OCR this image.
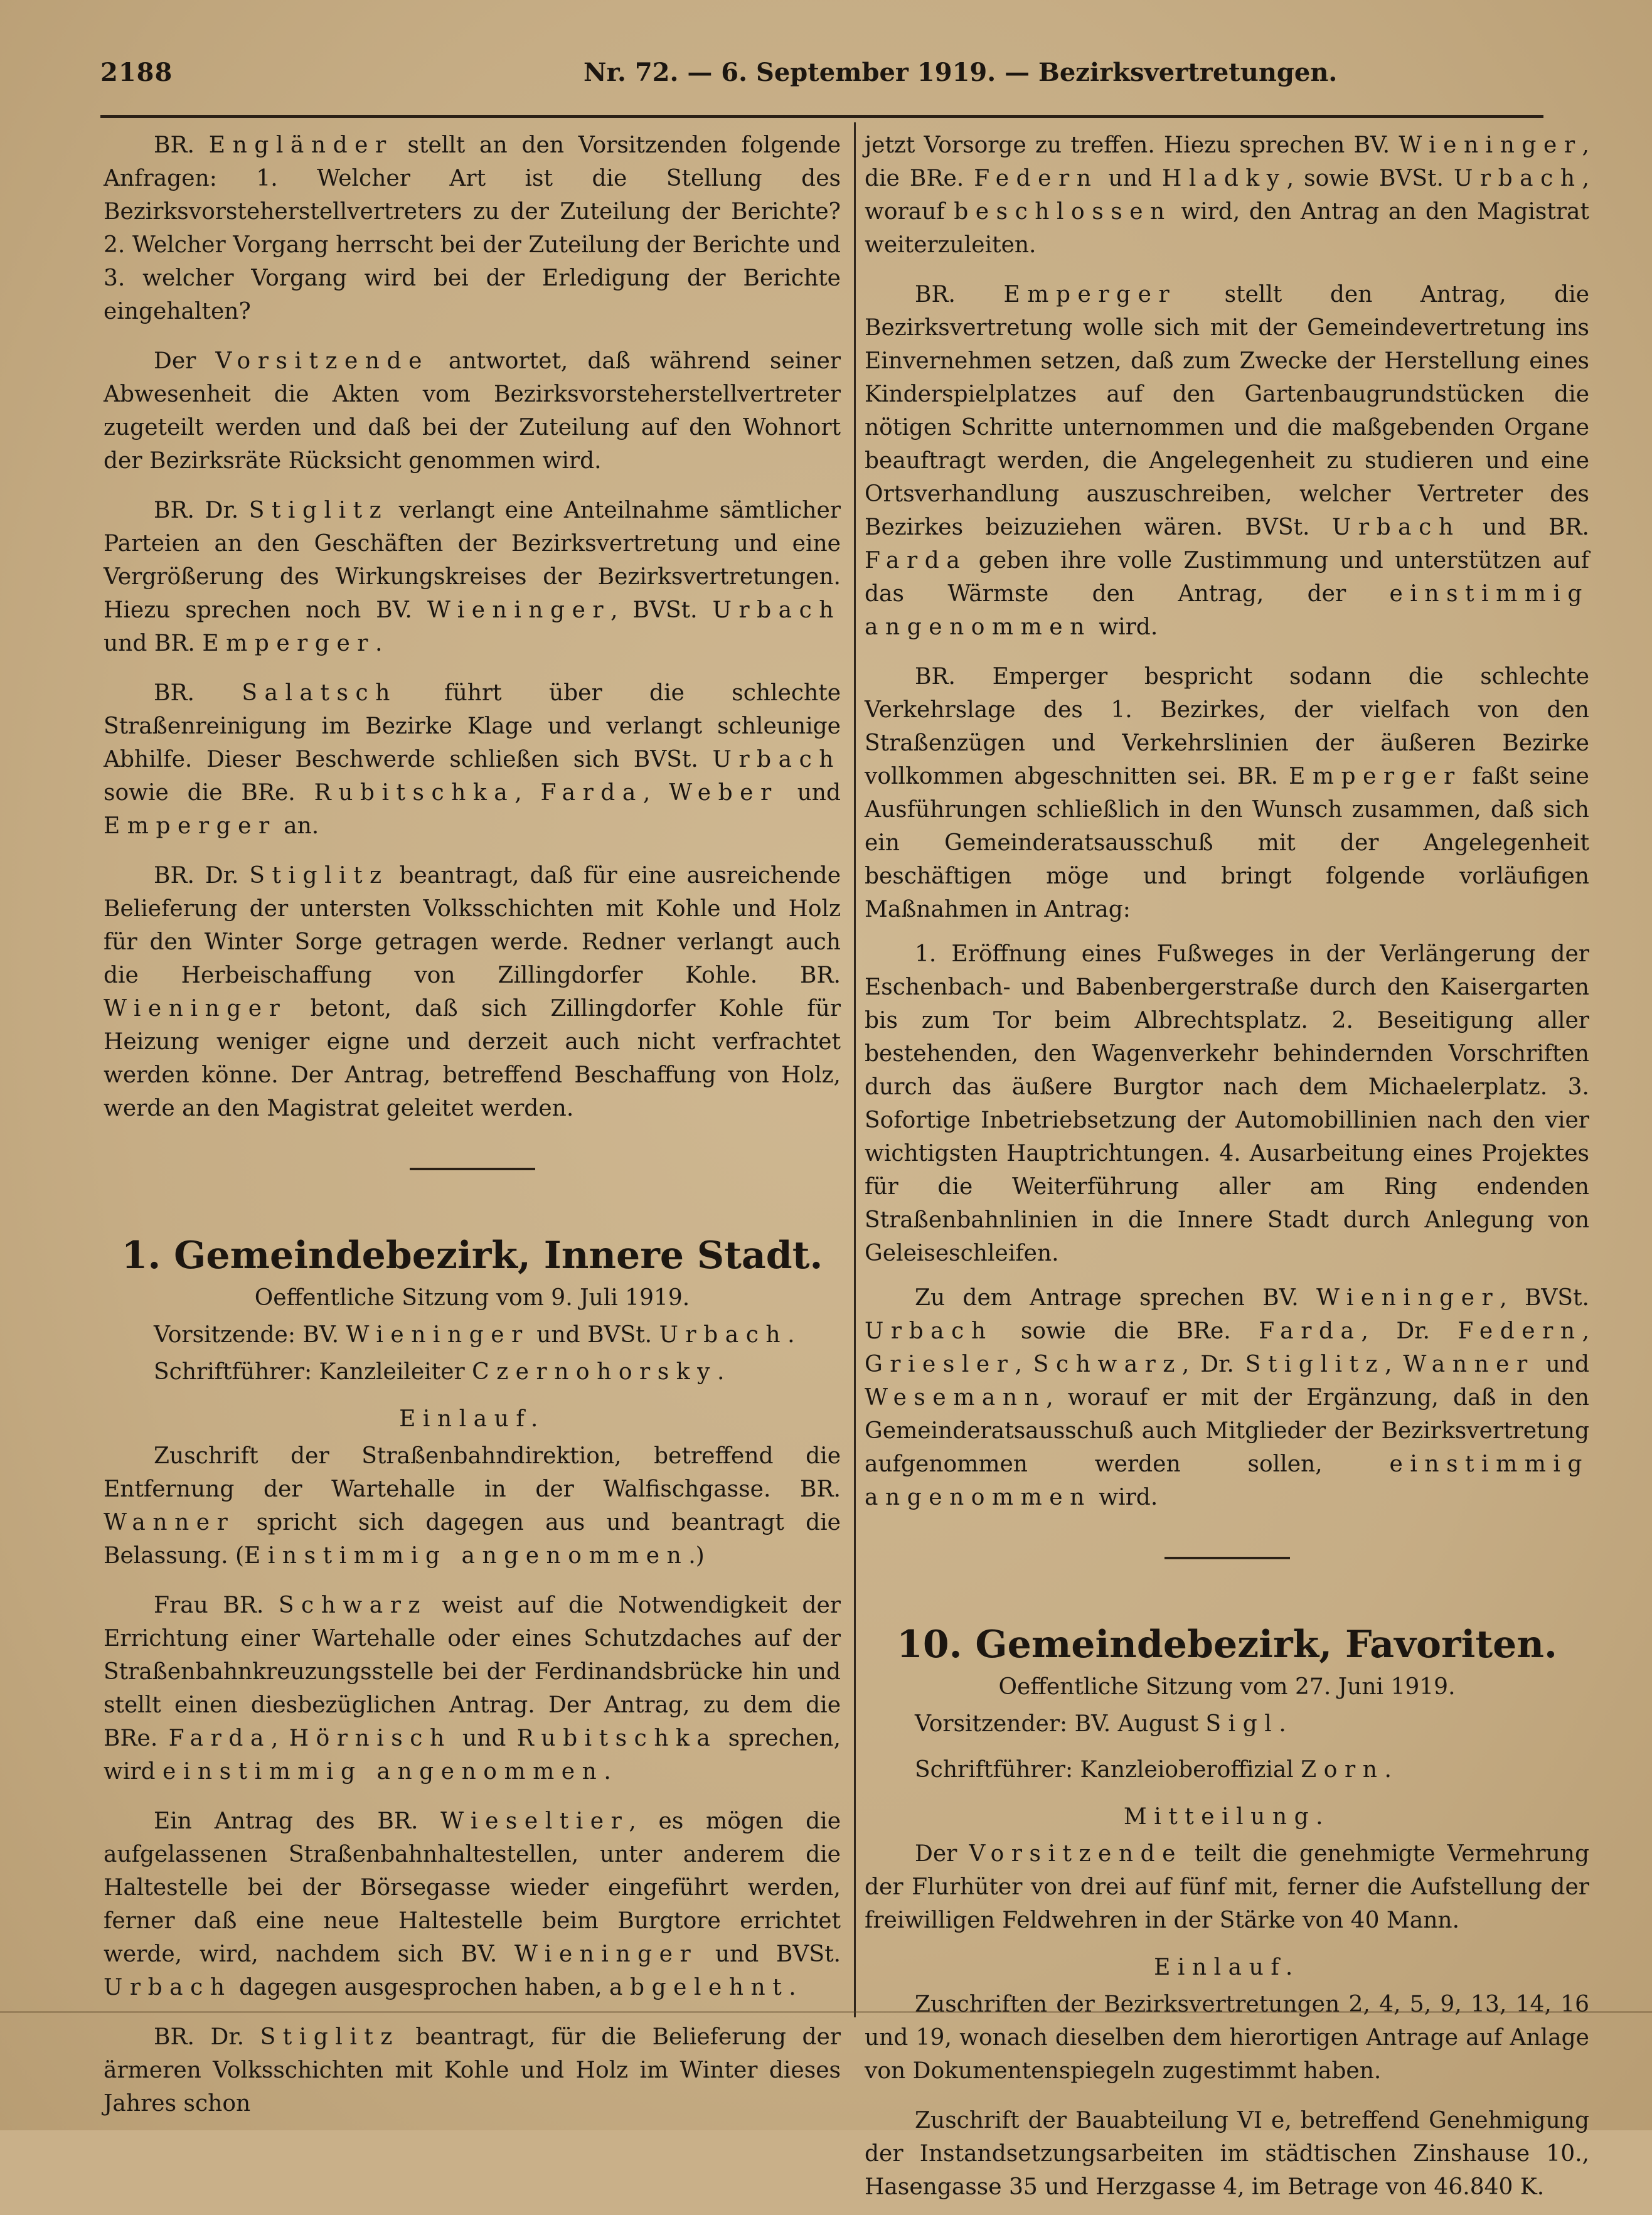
2188	Nr. 72. — 6. September 1919. — Bezirksvertretungen.

BR. Engländer stellt an den Vorsitzenden folgende Anfragen: 1. Welcher Art ist die Stellung des Bezirksvorsteherstellvertreters zu der Zuteilung der Berichte? 2. Welcher Vorgang herrscht bei der Zuteilung der Berichte und 3. welcher Vorgang wird bei der Erledigung der Berichte eingehalten?

Der Vorsitzende antwortet, daß während seiner Abwesenheit die Akten vom Bezirksvorsteherstellvertreter zugeteilt werden und daß bei der Zuteilung auf den Wohnort der Bezirksräte Rücksicht genommen wird.

BR. Dr. Stiglitz verlangt eine Anteilnahme sämtlicher Parteien an den Geschäften der Bezirksvertretung und eine Vergrößerung des Wirkungskreises der Bezirksvertretungen. Hiezu sprechen noch BV. Wieninger, BVSt. Urbach und BR. Emperger.

BR. Salatsch führt über die schlechte Straßenreinigung im Bezirke Klage und verlangt schleunige Abhilfe. Dieser Beschwerde schließen sich BVSt. Urbach sowie die BRe. Rubitschka, Farda, Weber und Emperger an.

BR. Dr. Stiglitz beantragt, daß für eine ausreichende Belieferung der untersten Volksschichten mit Kohle und Holz für den Winter Sorge getragen werde. Redner verlangt auch die Herbeischaffung von Zillingdorfer Kohle. BR. Wieninger betont, daß sich Zillingdorfer Kohle für Heizung weniger eigne und derzeit auch nicht verfrachtet werden könne. Der Antrag, betreffend Beschaffung von Holz, werde an den Magistrat geleitet werden.

1. Gemeindebezirk, Innere Stadt.

Oeffentliche Sitzung vom 9. Juli 1919.

Vorsitzende: BV. Wieninger und BVSt. Urbach.

Schriftführer: Kanzleileiter Czernohorsky.

Einlauf.

Zuschrift der Straßenbahndirektion, betreffend die Entfernung der Wartehalle in der Walfischgasse. BR. Wanner spricht sich dagegen aus und beantragt die Belassung. (Einstimmig angenommen.)

Frau BR. Schwarz weist auf die Notwendigkeit der Errichtung einer Wartehalle oder eines Schutzdaches auf der Straßenbahnkreuzungsstelle bei der Ferdinandsbrücke hin und stellt einen diesbezüglichen Antrag. Der Antrag, zu dem die BRe. Farda, Hörnisch und Rubitschka sprechen, wird einstimmig angenommen.

Ein Antrag des BR. Wieseltier, es mögen die aufgelassenen Straßenbahnhaltestellen, unter anderem die Haltestelle bei der Börsegasse wieder eingeführt werden, ferner daß eine neue Haltestelle beim Burgtore errichtet werde, wird, nachdem sich BV. Wieninger und BVSt. Urbach dagegen ausgesprochen haben, abgelehnt.

BR. Dr. Stiglitz beantragt, für die Belieferung der ärmeren Volksschichten mit Kohle und Holz im Winter dieses Jahres schon

jetzt Vorsorge zu treffen. Hiezu sprechen BV. Wieninger, die BRe. Federn und Hladky, sowie BVSt. Urbach, worauf beschlossen wird, den Antrag an den Magistrat weiterzuleiten.

BR. Emperger stellt den Antrag, die Bezirksvertretung wolle sich mit der Gemeindevertretung ins Einvernehmen setzen, daß zum Zwecke der Herstellung eines Kinderspielplatzes auf den Gartenbaugrundstücken die nötigen Schritte unternommen und die maßgebenden Organe beauftragt werden, die Angelegenheit zu studieren und eine Ortsverhandlung auszuschreiben, welcher Vertreter des Bezirkes beizuziehen wären. BVSt. Urbach und BR. Farda geben ihre volle Zustimmung und unterstützen auf das Wärmste den Antrag, der einstimmig angenommen wird.

BR. Emperger bespricht sodann die schlechte Verkehrslage des 1. Bezirkes, der vielfach von den Straßenzügen und Verkehrslinien der äußeren Bezirke vollkommen abgeschnitten sei. BR. Emperger faßt seine Ausführungen schließlich in den Wunsch zusammen, daß sich ein Gemeinderatsausschuß mit der Angelegenheit beschäftigen möge und bringt folgende vorläufigen Maßnahmen in Antrag:

1. Eröffnung eines Fußweges in der Verlängerung der Eschenbach- und Babenbergerstraße durch den Kaisergarten bis zum Tor beim Albrechtsplatz. 2. Beseitigung aller bestehenden, den Wagenverkehr behindernden Vorschriften durch das äußere Burgtor nach dem Michaelerplatz. 3. Sofortige Inbetriebsetzung der Automobillinien nach den vier wichtigsten Hauptrichtungen. 4. Ausarbeitung eines Projektes für die Weiterführung aller am Ring endenden Straßenbahnlinien in die Innere Stadt durch Anlegung von Geleiseschleifen.

Zu dem Antrage sprechen BV. Wieninger, BVSt. Urbach sowie die BRe. Farda, Dr. Federn, Griesler, Schwarz, Dr. Stiglitz, Wanner und Wesemann, worauf er mit der Ergänzung, daß in den Gemeinderatsausschuß auch Mitglieder der Bezirksvertretung aufgenommen werden sollen, einstimmig angenommen wird.

10. Gemeindebezirk, Favoriten.

Oeffentliche Sitzung vom 27. Juni 1919.

Vorsitzender: BV. August Sigl.

Schriftführer: Kanzleioberoffizial Zorn.

Mitteilung.

Der Vorsitzende teilt die genehmigte Vermehrung der Flurhüter von drei auf fünf mit, ferner die Aufstellung der freiwilligen Feldwehren in der Stärke von 40 Mann.

Einlauf.

Zuschriften der Bezirksvertretungen 2, 4, 5, 9, 13, 14, 16 und 19, wonach dieselben dem hierortigen Antrage auf Anlage von Dokumentenspiegeln zugestimmt haben.

Zuschrift der Bauabteilung VI e, betreffend Genehmigung der Instandsetzungsarbeiten im städtischen Zinshause 10., Hasengasse 35 und Herzgasse 4, im Betrage von 46.840 K.
